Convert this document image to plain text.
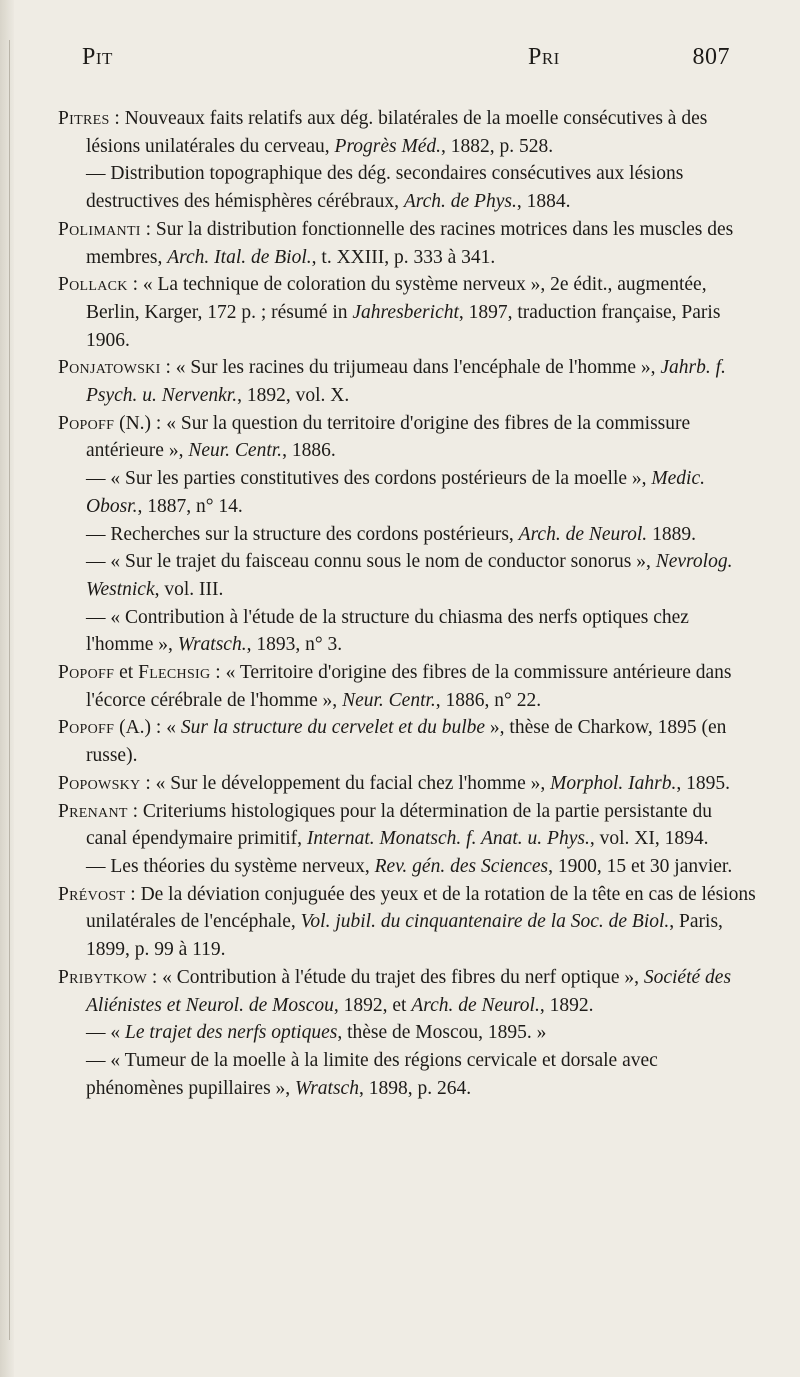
Pit	Pri	807

Pitres : Nouveaux faits relatifs aux dég. bilatérales de la moelle consécutives à des lésions unilatérales du cerveau, Progrès Méd., 1882, p. 528.

— Distribution topographique des dég. secondaires consécutives aux lésions destructives des hémisphères cérébraux, Arch. de Phys., 1884.

Polimanti : Sur la distribution fonctionnelle des racines motrices dans les muscles des membres, Arch. Ital. de Biol., t. XXIII, p. 333 à 341.

Pollack : « La technique de coloration du système nerveux », 2e édit., augmentée, Berlin, Karger, 172 p. ; résumé in Jahresbericht, 1897, traduction française, Paris 1906.

Ponjatowski : « Sur les racines du trijumeau dans l'encéphale de l'homme », Jahrb. f. Psych. u. Nervenkr., 1892, vol. X.

Popoff (N.) : « Sur la question du territoire d'origine des fibres de la commissure antérieure », Neur. Centr., 1886.

— « Sur les parties constitutives des cordons postérieurs de la moelle », Medic. Obosr., 1887, n° 14.

— Recherches sur la structure des cordons postérieurs, Arch. de Neurol. 1889.

— « Sur le trajet du faisceau connu sous le nom de conductor sonorus », Nevrolog. Westnick, vol. III.

— « Contribution à l'étude de la structure du chiasma des nerfs optiques chez l'homme », Wratsch., 1893, n° 3.

Popoff et Flechsig : « Territoire d'origine des fibres de la commissure antérieure dans l'écorce cérébrale de l'homme », Neur. Centr., 1886, n° 22.

Popoff (A.) : « Sur la structure du cervelet et du bulbe », thèse de Charkow, 1895 (en russe).

Popowsky : « Sur le développement du facial chez l'homme », Morphol. Iahrb., 1895.

Prenant : Criteriums histologiques pour la détermination de la partie persistante du canal épendymaire primitif, Internat. Monatsch. f. Anat. u. Phys., vol. XI, 1894.

— Les théories du système nerveux, Rev. gén. des Sciences, 1900, 15 et 30 janvier.

Prévost : De la déviation conjuguée des yeux et de la rotation de la tête en cas de lésions unilatérales de l'encéphale, Vol. jubil. du cinquantenaire de la Soc. de Biol., Paris, 1899, p. 99 à 119.

Pribytkow : « Contribution à l'étude du trajet des fibres du nerf optique », Société des Aliénistes et Neurol. de Moscou, 1892, et Arch. de Neurol., 1892.

— « Le trajet des nerfs optiques, thèse de Moscou, 1895. »

— « Tumeur de la moelle à la limite des régions cervicale et dorsale avec phénomènes pupillaires », Wratsch, 1898, p. 264.
